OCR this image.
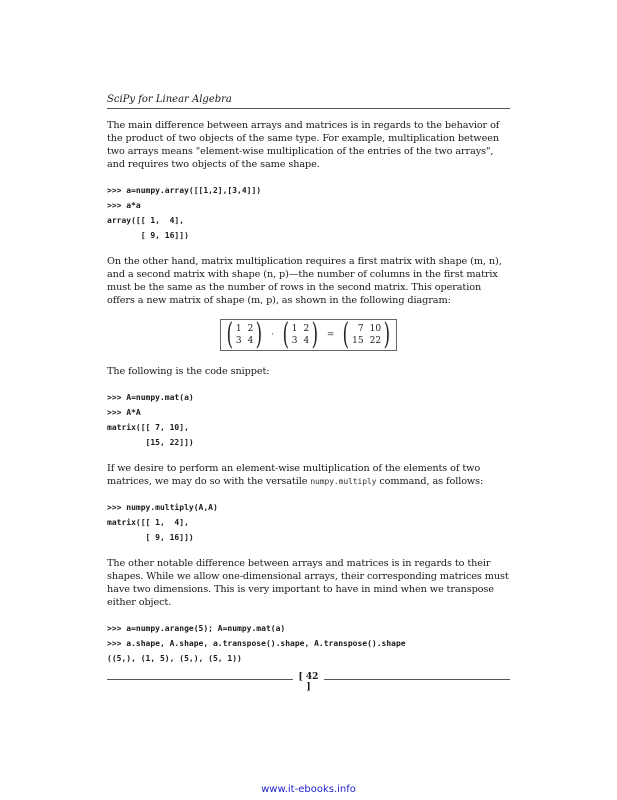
SciPy for Linear Algebra

The main difference between arrays and matrices is in regards to the behavior of the product of two objects of the same type. For example, multiplication between two arrays means "element-wise multiplication of the entries of the two arrays", and requires two objects of the same shape.

>>> a=numpy.array([[1,2],[3,4]])
>>> a*a
array([[ 1,  4],
[ 9, 16]])

On the other hand, matrix multiplication requires a first matrix with shape (m, n), and a second matrix with shape (n, p)—the number of columns in the first matrix must be the same as the number of rows in the second matrix. This operation offers a new matrix of shape (m, p), as shown in the following diagram:

( 1 2
3 4 ) · ( 1 2
3 4 ) = ( 7 10
15 22 )

The following is the code snippet:

>>> A=numpy.mat(a)
>>> A*A
matrix([[ 7, 10],
[15, 22]])

If we desire to perform an element-wise multiplication of the elements of two matrices, we may do so with the versatile numpy.multiply command, as follows:

>>> numpy.multiply(A,A)
matrix([[ 1,  4],
[ 9, 16]])

The other notable difference between arrays and matrices is in regards to their shapes. While we allow one-dimensional arrays, their corresponding matrices must have two dimensions. This is very important to have in mind when we transpose either object.

>>> a=numpy.arange(5); A=numpy.mat(a)
>>> a.shape, A.shape, a.transpose().shape, A.transpose().shape
((5,), (1, 5), (5,), (5, 1))
[ 42 ]
www.it-ebooks.info
